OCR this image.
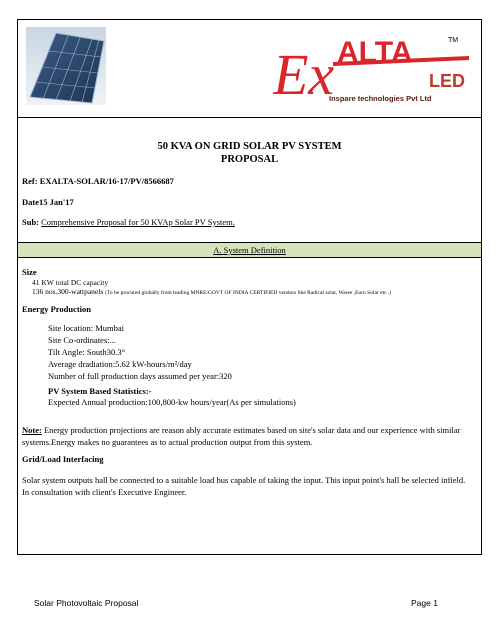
Ex ALTA	TM
LED
Inspare technologies Pvt Ltd
50 KVA ON GRID SOLAR PV SYSTEM
PROPOSAL
Ref: EXALTA-SOLAR/16-17/PV/8566687
Date15 Jan'17
Sub: Comprehensive Proposal for 50 KVAp Solar PV System.
A. System Definition
Size
41 KW total DC capacity
136 nos.300-wattpanels (To be procured globally from leading MNRE/GOVT OF INDIA CERTIFIED vendors like Radical solar, Waree ,Euro Solar etc .)
Energy Production
Site location: Mumbai
Site Co-ordinates:...
Tilt Angle: South30.3°
Average dradiation:5.62 kW-hours/m²/day
Number of full production days assumed per year:320
PV System Based Statistics:-
Expected Annual production:100,800-kw hours/year(As per simulations)
Note: Energy production projections are reason ably accurate estimates based on site's solar data and our experience with similar
systems.Energy makes no guarantees as to actual production output from this system.
Grid/Load Interfacing
Solar system outputs hall be connected to a suitable load bus capable of taking the input. This input point's hall be selected infield.
In consultation with client's Executive Engineer.
Solar Photovoltaic Proposal	Page 1
